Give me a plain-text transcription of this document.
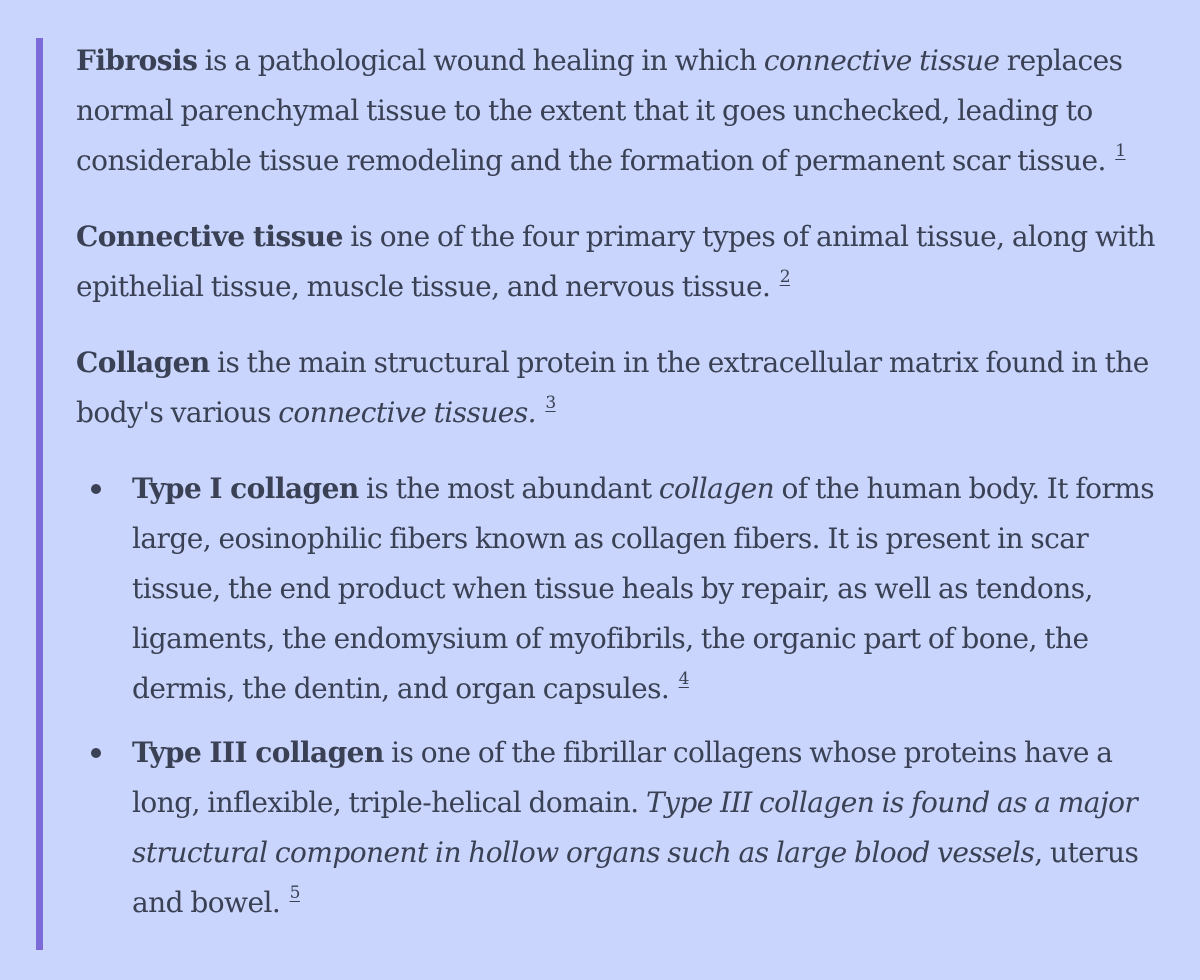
Fibrosis is a pathological wound healing in which connective tissue replaces normal parenchymal tissue to the extent that it goes unchecked, leading to considerable tissue remodeling and the formation of permanent scar tissue. $^1$

Connective tissue is one of the four primary types of animal tissue, along with epithelial tissue, muscle tissue, and nervous tissue. $^2$

Collagen is the main structural protein in the extracellular matrix found in the body's various connective tissues. $^3$

Type I collagen is the most abundant collagen of the human body. It forms large, eosinophilic fibers known as collagen fibers. It is present in scar tissue, the end product when tissue heals by repair, as well as tendons, ligaments, the endomysium of myofibrils, the organic part of bone, the dermis, the dentin, and organ capsules. $^4$
Type III collagen is one of the fibrillar collagens whose proteins have a long, inflexible, triple-helical domain. Type III collagen is found as a major structural component in hollow organs such as large blood vessels, uterus and bowel. $^5$
